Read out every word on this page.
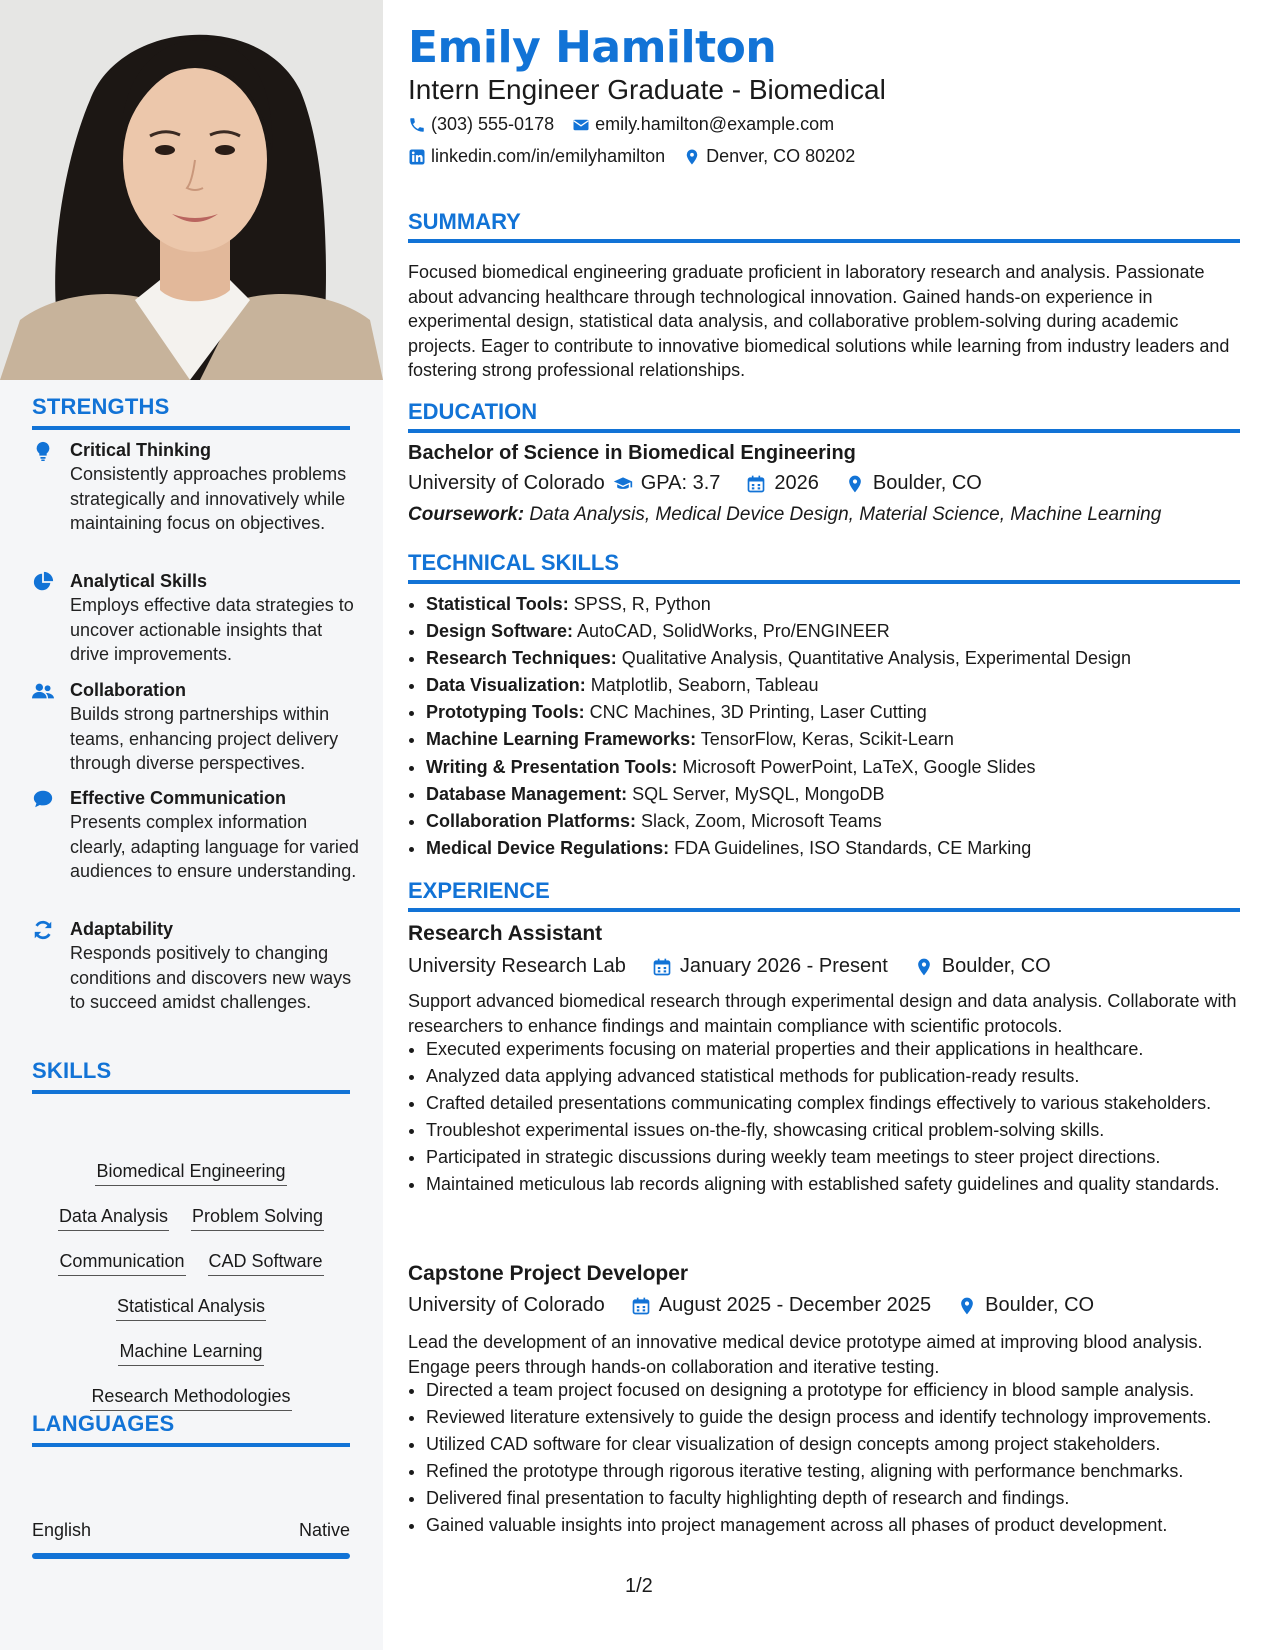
STRENGTHS
Critical Thinking
Consistently approaches problems strategically and innovatively while maintaining focus on objectives.
Analytical Skills
Employs effective data strategies to uncover actionable insights that drive improvements.
Collaboration
Builds strong partnerships within teams, enhancing project delivery through diverse perspectives.
Effective Communication
Presents complex information clearly, adapting language for varied audiences to ensure understanding.
Adaptability
Responds positively to changing conditions and discovers new ways to succeed amidst challenges.
SKILLS
Biomedical Engineering
Data Analysis Problem Solving
Communication CAD Software
Statistical Analysis
Machine Learning
Research Methodologies
LANGUAGES
English	Native
Emily Hamilton
Intern Engineer Graduate - Biomedical
(303) 555-0178 emily.hamilton@example.com
linkedin.com/in/emilyhamilton Denver, CO 80202
SUMMARY
Focused biomedical engineering graduate proficient in laboratory research and analysis. Passionate about advancing healthcare through technological innovation. Gained hands-on experience in experimental design, statistical data analysis, and collaborative problem-solving during academic projects. Eager to contribute to innovative biomedical solutions while learning from industry leaders and fostering strong professional relationships.
EDUCATION
Bachelor of Science in Biomedical Engineering
University of Colorado GPA: 3.7	2026	Boulder, CO
Coursework: Data Analysis, Medical Device Design, Material Science, Machine Learning
TECHNICAL SKILLS
• Statistical Tools: SPSS, R, Python
• Design Software: AutoCAD, SolidWorks, Pro/ENGINEER
• Research Techniques: Qualitative Analysis, Quantitative Analysis, Experimental Design
• Data Visualization: Matplotlib, Seaborn, Tableau
• Prototyping Tools: CNC Machines, 3D Printing, Laser Cutting
• Machine Learning Frameworks: TensorFlow, Keras, Scikit-Learn
• Writing & Presentation Tools: Microsoft PowerPoint, LaTeX, Google Slides
• Database Management: SQL Server, MySQL, MongoDB
• Collaboration Platforms: Slack, Zoom, Microsoft Teams
• Medical Device Regulations: FDA Guidelines, ISO Standards, CE Marking
EXPERIENCE
Research Assistant
University Research Lab	January 2026 - Present	Boulder, CO
Support advanced biomedical research through experimental design and data analysis. Collaborate with researchers to enhance findings and maintain compliance with scientific protocols.
• Executed experiments focusing on material properties and their applications in healthcare.
• Analyzed data applying advanced statistical methods for publication-ready results.
• Crafted detailed presentations communicating complex findings effectively to various stakeholders.
• Troubleshot experimental issues on-the-fly, showcasing critical problem-solving skills.
• Participated in strategic discussions during weekly team meetings to steer project directions.
• Maintained meticulous lab records aligning with established safety guidelines and quality standards.
Capstone Project Developer
University of Colorado	August 2025 - December 2025	Boulder, CO
Lead the development of an innovative medical device prototype aimed at improving blood analysis. Engage peers through hands-on collaboration and iterative testing.
• Directed a team project focused on designing a prototype for efficiency in blood sample analysis.
• Reviewed literature extensively to guide the design process and identify technology improvements.
• Utilized CAD software for clear visualization of design concepts among project stakeholders.
• Refined the prototype through rigorous iterative testing, aligning with performance benchmarks.
• Delivered final presentation to faculty highlighting depth of research and findings.
• Gained valuable insights into project management across all phases of product development.
1/2
